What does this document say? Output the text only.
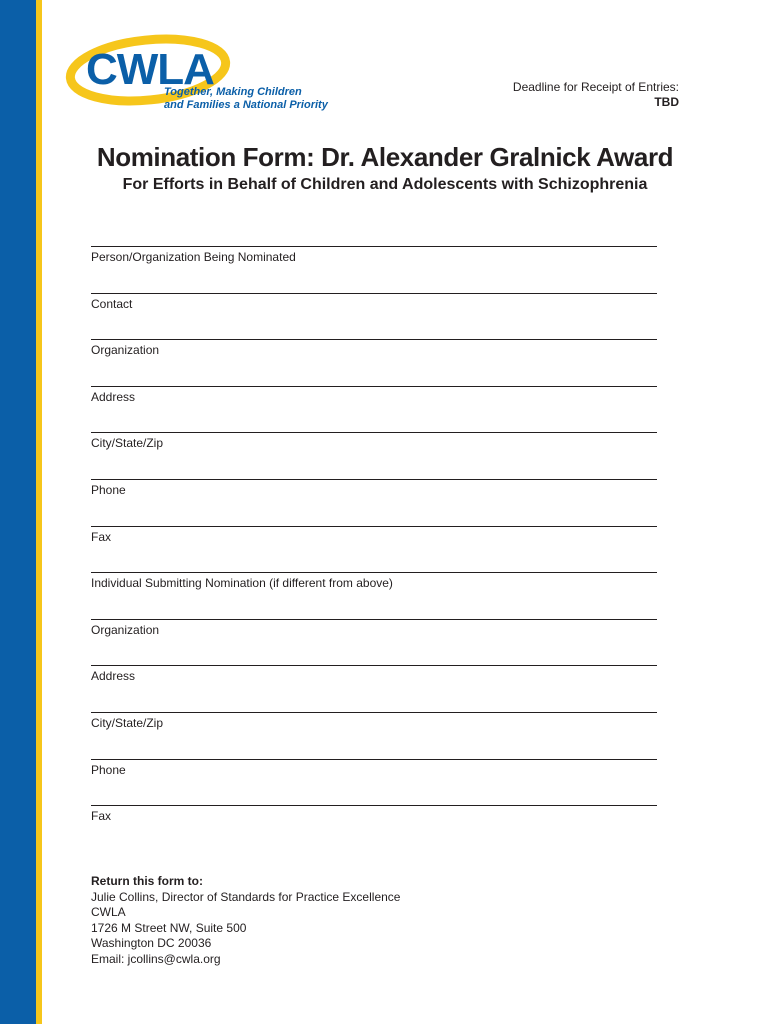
CWLA
Together, Making Children
and Families a National Priority
Deadline for Receipt of Entries:
TBD
Nomination Form: Dr. Alexander Gralnick Award
For Efforts in Behalf of Children and Adolescents with Schizophrenia
Person/Organization Being Nominated
Contact
Organization
Address
City/State/Zip
Phone
Fax
Individual Submitting Nomination (if different from above)
Organization
Address
City/State/Zip
Phone
Fax
Return this form to:
Julie Collins, Director of Standards for Practice Excellence
CWLA
1726 M Street NW, Suite 500
Washington DC 20036
Email: jcollins@cwla.org
